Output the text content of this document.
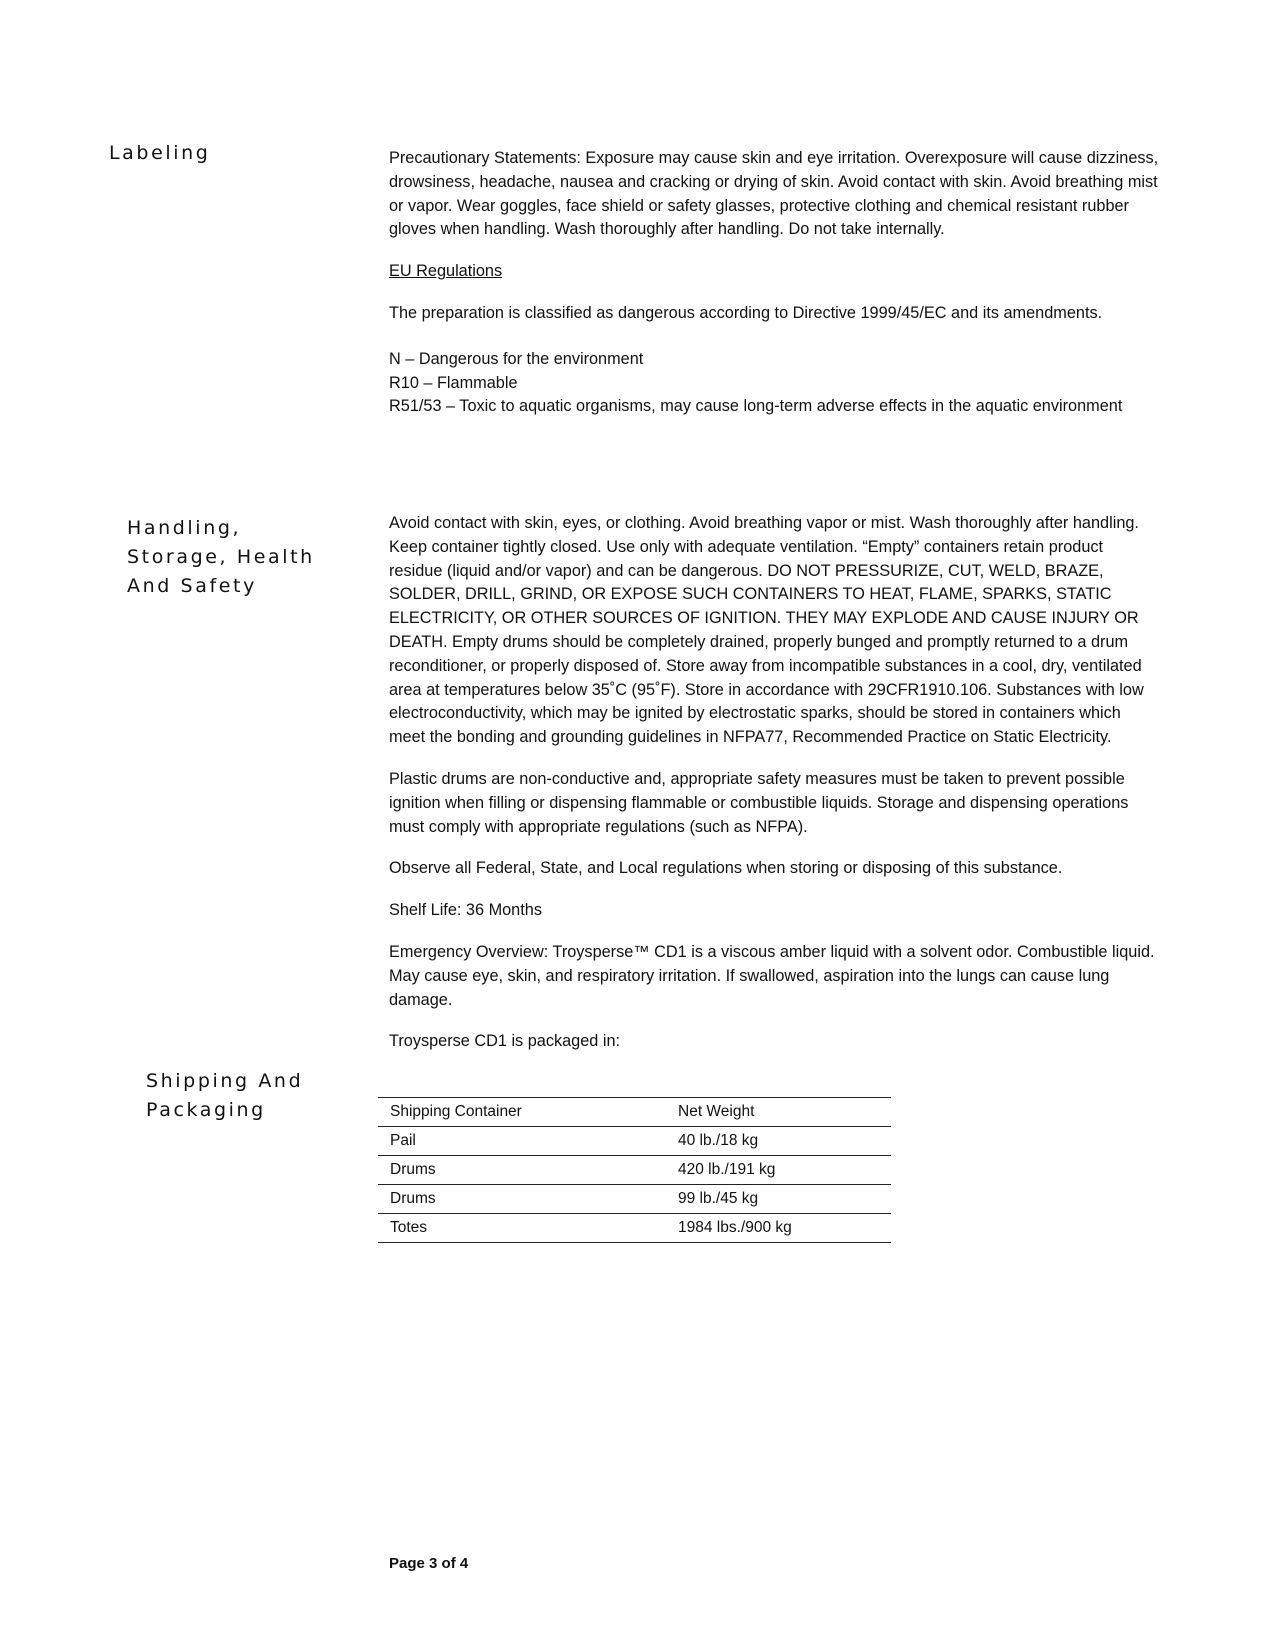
Labeling
Handling,
Storage, Health
And Safety
Shipping And
Packaging

Precautionary Statements: Exposure may cause skin and eye irritation. Overexposure will cause dizziness, drowsiness, headache, nausea and cracking or drying of skin. Avoid contact with skin. Avoid breathing mist or vapor. Wear goggles, face shield or safety glasses, protective clothing and chemical resistant rubber gloves when handling. Wash thoroughly after handling. Do not take internally.

EU Regulations

The preparation is classified as dangerous according to Directive 1999/45/EC and its amendments.

N – Dangerous for the environment

R10 – Flammable

R51/53 – Toxic to aquatic organisms, may cause long-term adverse effects in the aquatic environment

Avoid contact with skin, eyes, or clothing. Avoid breathing vapor or mist. Wash thoroughly after handling. Keep container tightly closed. Use only with adequate ventilation. “Empty” containers retain product residue (liquid and/or vapor) and can be dangerous. DO NOT PRESSURIZE, CUT, WELD, BRAZE, SOLDER, DRILL, GRIND, OR EXPOSE SUCH CONTAINERS TO HEAT, FLAME, SPARKS, STATIC ELECTRICITY, OR OTHER SOURCES OF IGNITION. THEY MAY EXPLODE AND CAUSE INJURY OR DEATH. Empty drums should be completely drained, properly bunged and promptly returned to a drum reconditioner, or properly disposed of. Store away from incompatible substances in a cool, dry, ventilated area at temperatures below 35˚C (95˚F). Store in accordance with 29CFR1910.106. Substances with low electroconductivity, which may be ignited by electrostatic sparks, should be stored in containers which meet the bonding and grounding guidelines in NFPA77, Recommended Practice on Static Electricity.

Plastic drums are non-conductive and, appropriate safety measures must be taken to prevent possible ignition when filling or dispensing flammable or combustible liquids. Storage and dispensing operations must comply with appropriate regulations (such as NFPA).

Observe all Federal, State, and Local regulations when storing or disposing of this substance.

Shelf Life: 36 Months

Emergency Overview: Troysperse™ CD1 is a viscous amber liquid with a solvent odor. Combustible liquid. May cause eye, skin, and respiratory irritation. If swallowed, aspiration into the lungs can cause lung damage.

Troysperse CD1 is packaged in:

Shipping Container	Net Weight
Pail	40 lb./18 kg
Drums	420 lb./191 kg
Drums	99 lb./45 kg
Totes	1984 lbs./900 kg
Page 3 of 4
